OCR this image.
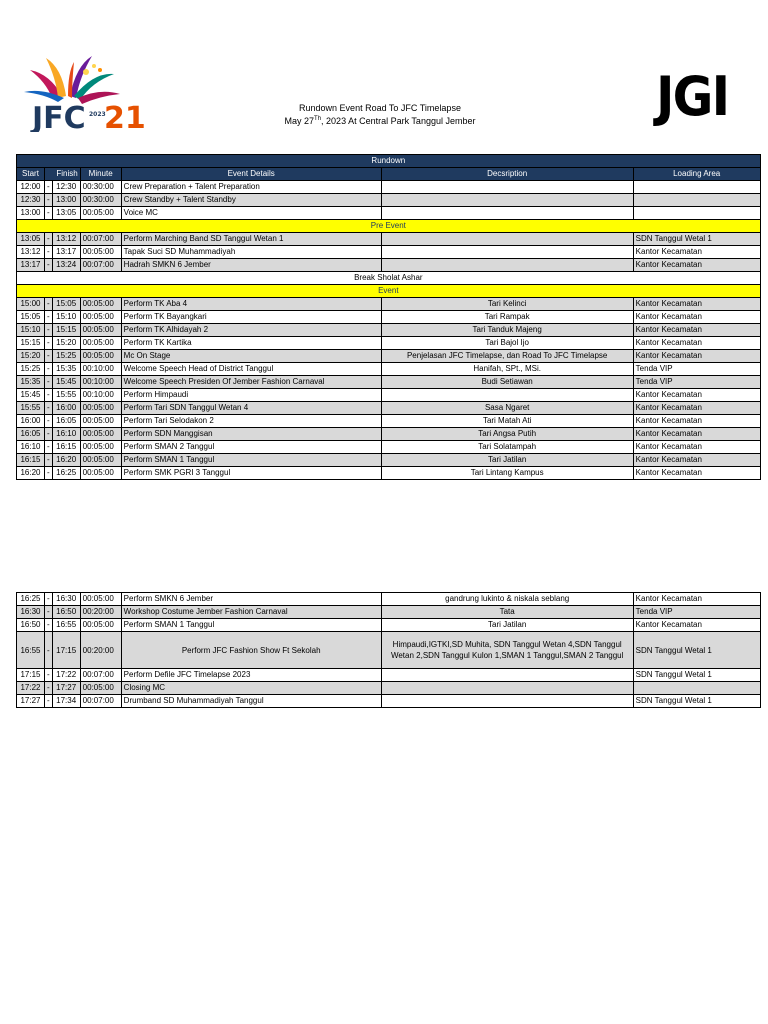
JFC 2023
21	JGI
Rundown Event Road To JFC Timelapse
May 27Th, 2023 At Central Park Tanggul Jember
Rundown						
Start	Finish		Minute	Event Details	Decsription	Loading Area
12:00	-	12:30	00:30:00	Crew Preparation + Talent Preparation		
12:30	-	13:00	00:30:00	Crew Standby + Talent Standby		
13:00	-	13:05	00:05:00	Voice MC		
Pre Event						
13:05	-	13:12	00:07:00	Perform Marching Band SD Tanggul Wetan 1		SDN Tanggul Wetal 1
13:12	-	13:17	00:05:00	Tapak Suci SD Muhammadiyah		Kantor Kecamatan
13:17	-	13:24	00:07:00	Hadrah SMKN 6 Jember		Kantor Kecamatan
Break Sholat Ashar						
Event						
15:00	-	15:05	00:05:00	Perform TK Aba 4	Tari Kelinci	Kantor Kecamatan
15:05	-	15:10	00:05:00	Perform TK Bayangkari	Tari Rampak	Kantor Kecamatan
15:10	-	15:15	00:05:00	Perform TK Alhidayah 2	Tari Tanduk Majeng	Kantor Kecamatan
15:15	-	15:20	00:05:00	Perform TK Kartika	Tari Bajol Ijo	Kantor Kecamatan
15:20	-	15:25	00:05:00	Mc On Stage	Penjelasan JFC Timelapse, dan Road To JFC Timelapse	Kantor Kecamatan
15:25	-	15:35	00:10:00	Welcome Speech Head of District Tanggul	Hanifah, SPt., MSi.	Tenda VIP
15:35	-	15:45	00:10:00	Welcome Speech Presiden Of Jember Fashion Carnaval	Budi Setiawan	Tenda VIP
15:45	-	15:55	00:10:00	Perform Himpaudi		Kantor Kecamatan
15:55	-	16:00	00:05:00	Perform Tari SDN Tanggul Wetan 4	Sasa Ngaret	Kantor Kecamatan
16:00	-	16:05	00:05:00	Perform Tari Selodakon 2	Tari Matah Ati	Kantor Kecamatan
16:05	-	16:10	00:05:00	Perform SDN Manggisan	Tari Angsa Putih	Kantor Kecamatan
16:10	-	16:15	00:05:00	Perform SMAN 2 Tanggul	Tari Solatampah	Kantor Kecamatan
16:15	-	16:20	00:05:00	Perform SMAN 1 Tanggul	Tari Jatilan	Kantor Kecamatan
16:20	-	16:25	00:05:00	Perform SMK PGRI 3 Tanggul	Tari Lintang Kampus	Kantor Kecamatan
16:25	-	16:30	00:05:00	Perform SMKN 6 Jember	gandrung lukinto & niskala seblang	Kantor Kecamatan
16:30	-	16:50	00:20:00	Workshop Costume Jember Fashion Carnaval	Tata	Tenda VIP
16:50	-	16:55	00:05:00	Perform SMAN 1 Tanggul	Tari Jatilan	Kantor Kecamatan
16:55	-	17:15	00:20:00	Perform JFC Fashion Show Ft Sekolah	Himpaudi,IGTKI,SD Muhita, SDN Tanggul Wetan 4,SDN Tanggul Wetan 2,SDN Tanggul Kulon 1,SMAN 1 Tanggul,SMAN 2 Tanggul	SDN Tanggul Wetal 1
17:15	-	17:22	00:07:00	Perform Defile JFC Timelapse 2023		SDN Tanggul Wetal 1
17:22	-	17:27	00:05:00	Closing MC		
17:27	-	17:34	00:07:00	Drumband SD Muhammadiyah Tanggul		SDN Tanggul Wetal 1
